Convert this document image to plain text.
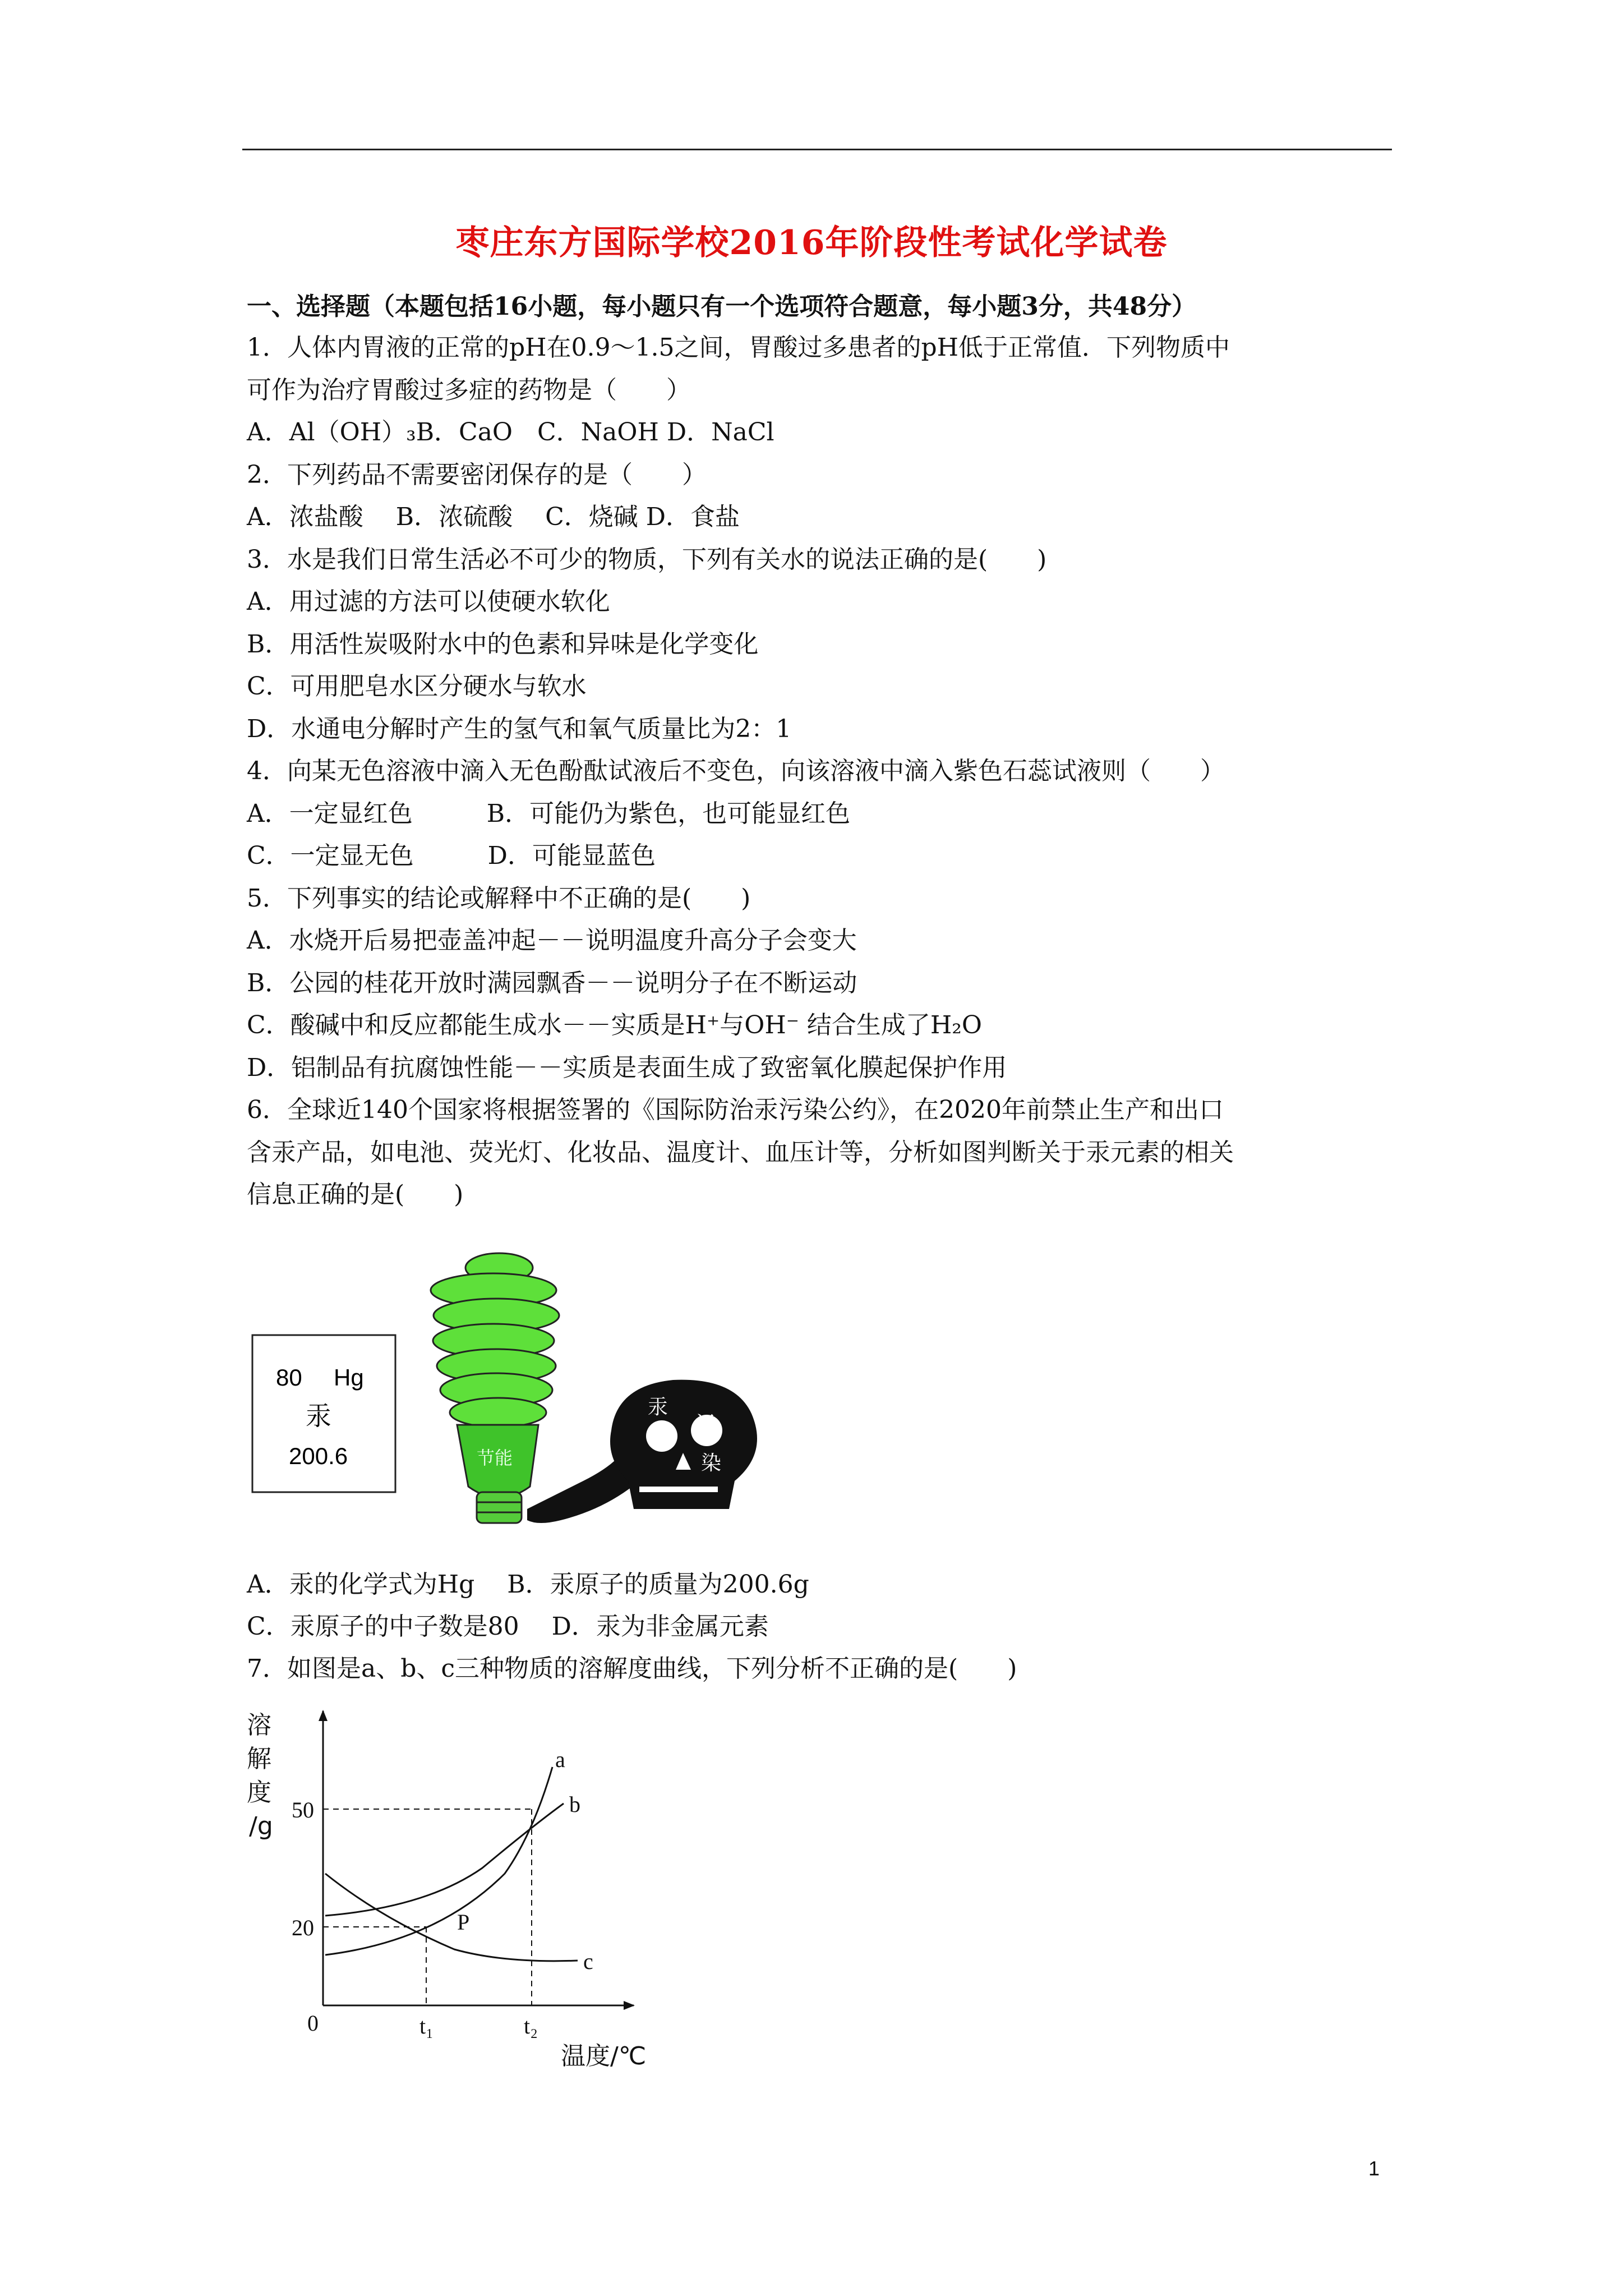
枣庄东方国际学校2016年阶段性考试化学试卷
一、选择题（本题包括16小题，每小题只有一个选项符合题意，每小题3分，共48分）
1．人体内胃液的正常的pH在0.9～1.5之间，胃酸过多患者的pH低于正常值．下列物质中
可作为治疗胃酸过多症的药物是（　　）
A．Al（OH）₃B．CaO　C．NaOH D．NaCl
2．下列药品不需要密闭保存的是（　　）
A．浓盐酸　 B．浓硫酸　 C．烧碱 D．食盐
3．水是我们日常生活必不可少的物质，下列有关水的说法正确的是(　　)
A．用过滤的方法可以使硬水软化
B．用活性炭吸附水中的色素和异味是化学变化
C．可用肥皂水区分硬水与软水
D．水通电分解时产生的氢气和氧气质量比为2：1
4．向某无色溶液中滴入无色酚酞试液后不变色，向该溶液中滴入紫色石蕊试液则（　　）
A．一定显红色　　　B．可能仍为紫色，也可能显红色
C．一定显无色　　　D．可能显蓝色
5．下列事实的结论或解释中不正确的是(　　)
A．水烧开后易把壶盖冲起－－说明温度升高分子会变大
B．公园的桂花开放时满园飘香－－说明分子在不断运动
C．酸碱中和反应都能生成水－－实质是H⁺与OH⁻ 结合生成了H₂O
D．铝制品有抗腐蚀性能－－实质是表面生成了致密氧化膜起保护作用
6．全球近140个国家将根据签署的《国际防治汞污染公约》，在2020年前禁止生产和出口
含汞产品，如电池、荧光灯、化妆品、温度计、血压计等，分析如图判断关于汞元素的相关
信息正确的是(　　)
80 Hg
汞
200.6	节能
汞
污
染
A．汞的化学式为Hg　 B．汞原子的质量为200.6g
C．汞原子的中子数是80　 D．汞为非金属元素
7．如图是a、b、c三种物质的溶解度曲线，下列分析不正确的是(　　)
溶
解
度
/g
50
20
0	t₁	t₂
a
b
c
P
温度/℃
1
